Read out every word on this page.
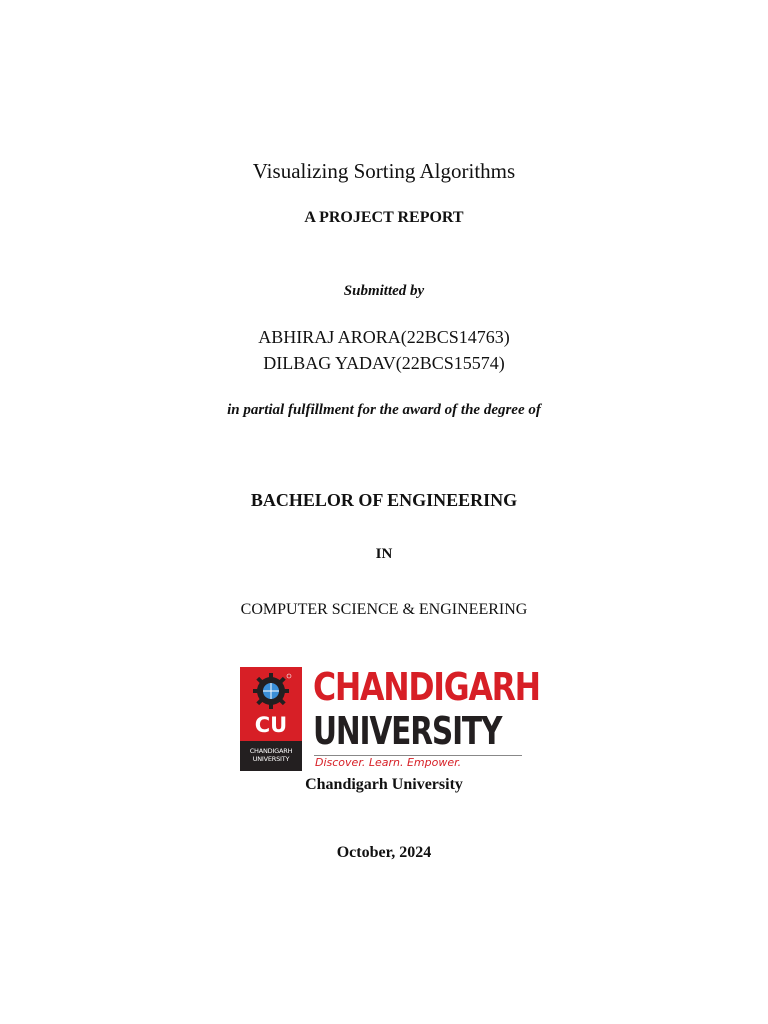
Visualizing Sorting Algorithms
A PROJECT REPORT
Submitted by
ABHIRAJ ARORA(22BCS14763)
DILBAG YADAV(22BCS15574)
in partial fulfillment for the award of the degree of
BACHELOR OF ENGINEERING
IN
COMPUTER SCIENCE & ENGINEERING
CU
CHANDIGARH
UNIVERSITY
CHANDIGARH
UNIVERSITY
Discover. Learn. Empower.
Chandigarh University
October, 2024
